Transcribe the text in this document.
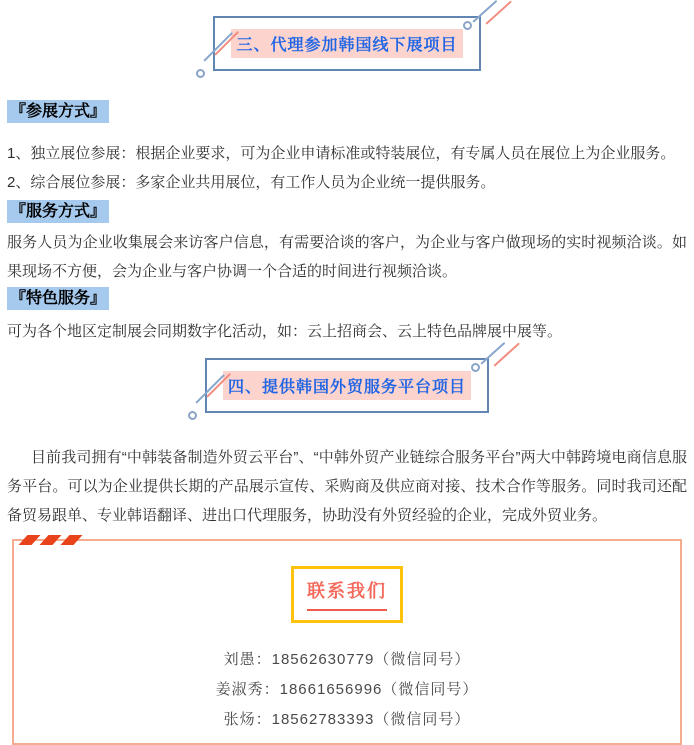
三、代理参加韩国线下展项目
『参展方式』

1、独立展位参展：根据企业要求，可为企业申请标准或特装展位，有专属人员在展位上为企业服务。

2、综合展位参展：多家企业共用展位，有工作人员为企业统一提供服务。

『服务方式』

服务人员为企业收集展会来访客户信息，有需要洽谈的客户，为企业与客户做现场的实时视频洽谈。如果现场不方便，会为企业与客户协调一个合适的时间进行视频洽谈。

『特色服务』

可为各个地区定制展会同期数字化活动，如：云上招商会、云上特色品牌展中展等。

四、提供韩国外贸服务平台项目

目前我司拥有“中韩装备制造外贸云平台”、“中韩外贸产业链综合服务平台”两大中韩跨境电商信息服务平台。可以为企业提供长期的产品展示宣传、采购商及供应商对接、技术合作等服务。同时我司还配备贸易跟单、专业韩语翻译、进出口代理服务，协助没有外贸经验的企业，完成外贸业务。

联系我们
刘愚：18562630779（微信同号）
姜淑秀：18661656996（微信同号）
张炀：18562783393（微信同号）
